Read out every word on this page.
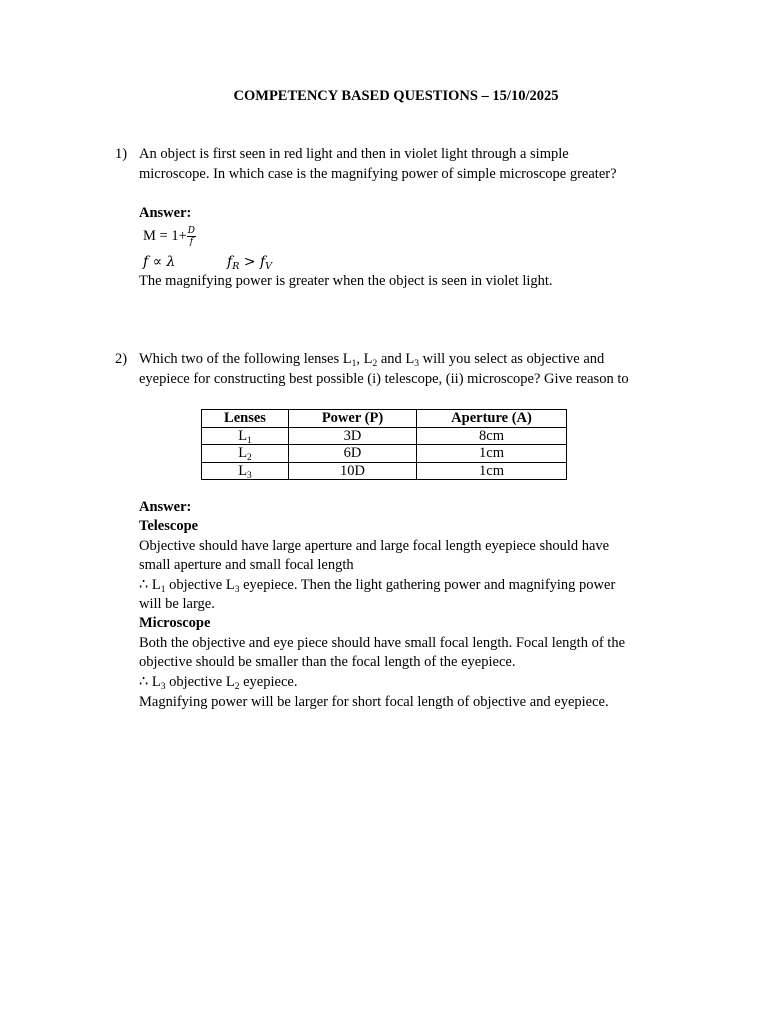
COMPETENCY BASED QUESTIONS – 15/10/2025
1) An object is first seen in red light and then in violet light through a simple
microscope. In which case is the magnifying power of simple microscope greater?
Answer:
$M = 1+ \frac{D}{f}$
f ∝ λ	$f_R > f_V$
The magnifying power is greater when the object is seen in violet light.
2) Which two of the following lenses $L_1$, $L_2$ and $L_3$ will you select as objective and
eyepiece for constructing best possible (i) telescope, (ii) microscope? Give reason to
Lenses	Power (P)	Aperture (A)
$L_1$	3D	8cm
$L_2$	6D	1cm
$L_3$	10D	1cm
Answer:
Telescope
Objective should have large aperture and large focal length eyepiece should have
small aperture and small focal length
∴ $L_1$ objective $L_3$ eyepiece. Then the light gathering power and magnifying power
will be large.
Microscope
Both the objective and eye piece should have small focal length. Focal length of the
objective should be smaller than the focal length of the eyepiece.
∴ $L_3$ objective $L_2$ eyepiece.
Magnifying power will be larger for short focal length of objective and eyepiece.
